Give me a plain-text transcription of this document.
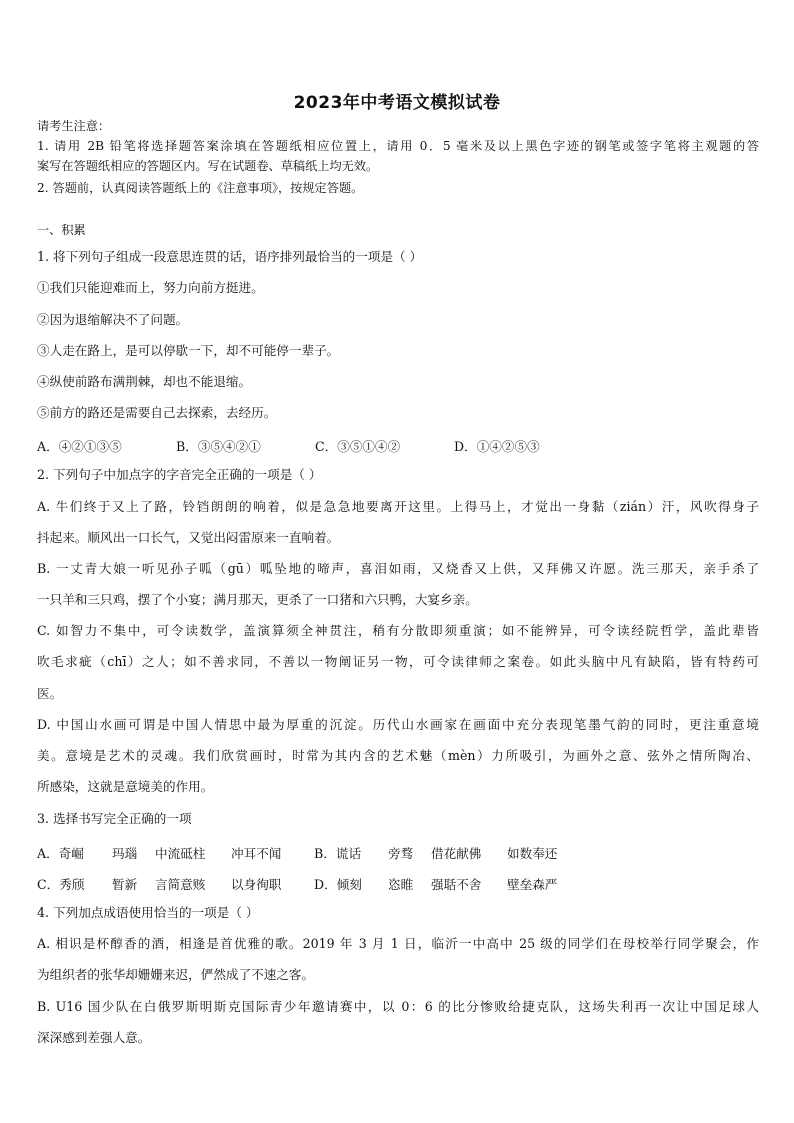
2023年中考语文模拟试卷
请考生注意：
1. 请用 2B 铅笔将选择题答案涂填在答题纸相应位置上，请用 0．5 毫米及以上黑色字迹的钢笔或签字笔将主观题的答
案写在答题纸相应的答题区内。写在试题卷、草稿纸上均无效。
2. 答题前，认真阅读答题纸上的《注意事项》，按规定答题。
一、积累
1. 将下列句子组成一段意思连贯的话，语序排列最恰当的一项是（ ）
①我们只能迎难而上，努力向前方挺进。
②因为退缩解决不了问题。
③人走在路上，是可以停歇一下，却不可能停一辈子。
④纵使前路布满荆棘，却也不能退缩。
⑤前方的路还是需要自己去探索，去经历。
A．④②①③⑤	B．③⑤④②①	C．③⑤①④②	D．①④②⑤③
2. 下列句子中加点字的字音完全正确的一项是（ ）
A. 牛们终于又上了路，铃铛朗朗的响着，似是急急地要离开这里。上得马上，才觉出一身黏（zián）汗，风吹得身子
抖起来。顺风出一口长气，又觉出闷雷原来一直响着。
B. 一丈青大娘一听见孙子呱（gū）呱坠地的啼声，喜泪如雨，又烧香又上供，又拜佛又许愿。洗三那天，亲手杀了
一只羊和三只鸡，摆了个小宴；满月那天，更杀了一口猪和六只鸭，大宴乡亲。
C. 如智力不集中，可令读数学，盖演算须全神贯注，稍有分散即须重演；如不能辨异，可令读经院哲学，盖此辈皆
吹毛求疵（chī）之人；如不善求同，不善以一物阐证另一物，可令读律师之案卷。如此头脑中凡有缺陷，皆有特药可
医。
D. 中国山水画可谓是中国人情思中最为厚重的沉淀。历代山水画家在画面中充分表现笔墨气韵的同时，更注重意境
美。意境是艺术的灵魂。我们欣赏画时，时常为其内含的艺术魅（mèn）力所吸引，为画外之意、弦外之情所陶冶、
所感染，这就是意境美的作用。
3. 选择书写完全正确的一项
A．奇崛 玛瑙 中流砥柱 冲耳不闻	B．谎话 旁骛 借花献佛 如数奉还
C．秀颀 暂新 言简意赅 以身徇职	D．倾刻 恣睢 强聒不舍 壁垒森严
4. 下列加点成语使用恰当的一项是（ ）
A. 相识是杯醇香的酒，相逢是首优雅的歌。2019 年 3 月 1 日，临沂一中高中 25 级的同学们在母校举行同学聚会，作
为组织者的张华却姗姗来迟，俨然成了不速之客。
B. U16 国少队在白俄罗斯明斯克国际青少年邀请赛中，以 0：6 的比分惨败给捷克队，这场失利再一次让中国足球人
深深感到差强人意。
